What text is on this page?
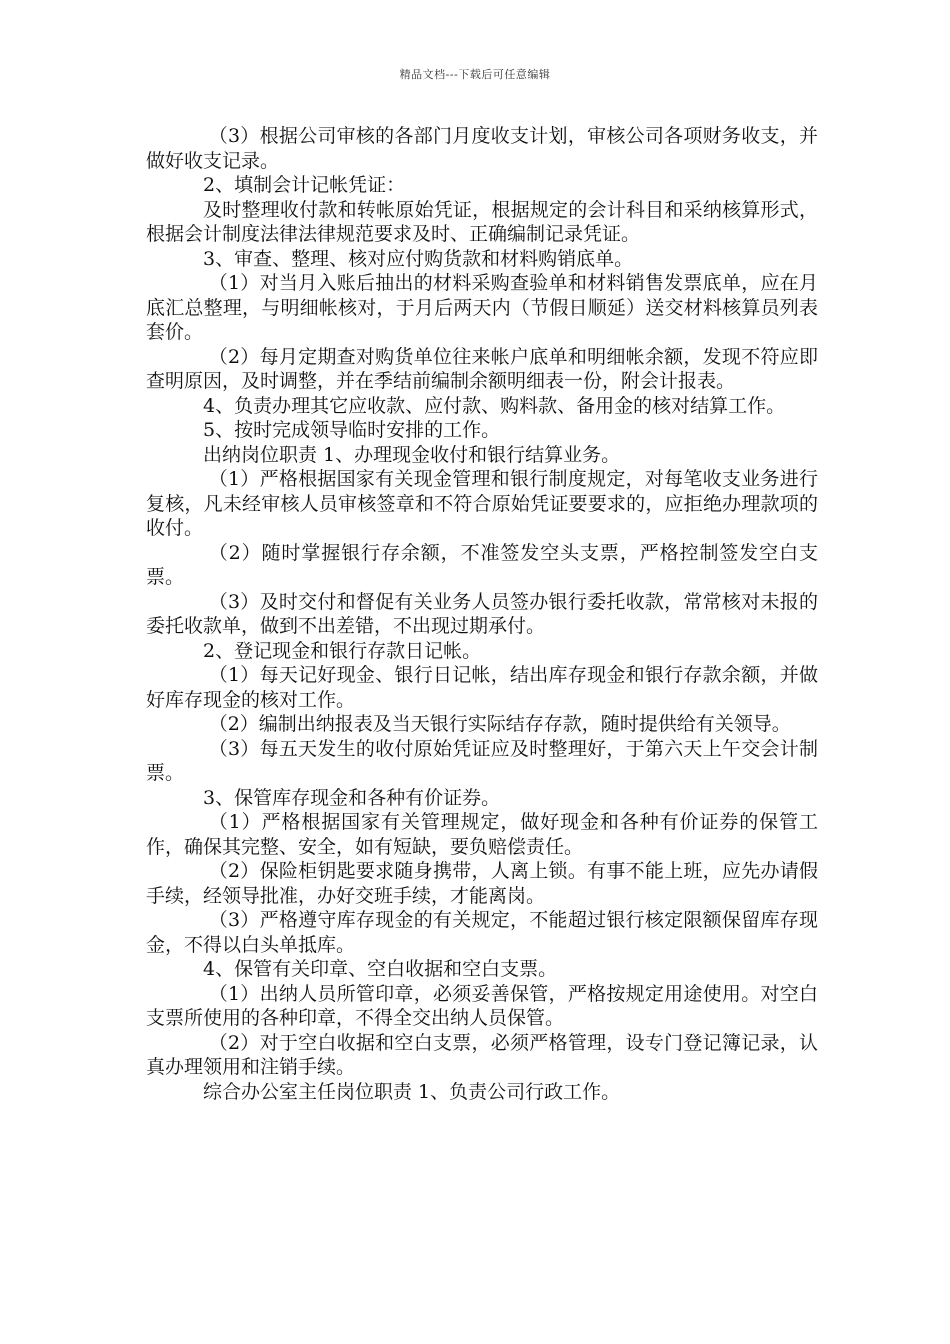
精品文档---下载后可任意编辑

（3）根据公司审核的各部门月度收支计划，审核公司各项财务收支，并做好收支记录。

2、填制会计记帐凭证：

及时整理收付款和转帐原始凭证，根据规定的会计科目和采纳核算形式，根据会计制度法律法律规范要求及时、正确编制记录凭证。

3、审查、整理、核对应付购货款和材料购销底单。

（1）对当月入账后抽出的材料采购查验单和材料销售发票底单，应在月底汇总整理，与明细帐核对，于月后两天内（节假日顺延）送交材料核算员列表套价。

（2）每月定期查对购货单位往来帐户底单和明细帐余额，发现不符应即查明原因，及时调整，并在季结前编制余额明细表一份，附会计报表。

4、负责办理其它应收款、应付款、购料款、备用金的核对结算工作。

5、按时完成领导临时安排的工作。

出纳岗位职责 1、办理现金收付和银行结算业务。

（1）严格根据国家有关现金管理和银行制度规定，对每笔收支业务进行复核，凡未经审核人员审核签章和不符合原始凭证要要求的，应拒绝办理款项的收付。

（2）随时掌握银行存余额，不准签发空头支票，严格控制签发空白支票。

（3）及时交付和督促有关业务人员签办银行委托收款，常常核对未报的委托收款单，做到不出差错，不出现过期承付。

2、登记现金和银行存款日记帐。

（1）每天记好现金、银行日记帐，结出库存现金和银行存款余额，并做好库存现金的核对工作。

（2）编制出纳报表及当天银行实际结存存款，随时提供给有关领导。

（3）每五天发生的收付原始凭证应及时整理好，于第六天上午交会计制票。

3、保管库存现金和各种有价证券。

（1）严格根据国家有关管理规定，做好现金和各种有价证券的保管工作，确保其完整、安全，如有短缺，要负赔偿责任。

（2）保险柜钥匙要求随身携带，人离上锁。有事不能上班，应先办请假手续，经领导批准，办好交班手续，才能离岗。

（3）严格遵守库存现金的有关规定，不能超过银行核定限额保留库存现金，不得以白头单抵库。

4、保管有关印章、空白收据和空白支票。

（1）出纳人员所管印章，必须妥善保管，严格按规定用途使用。对空白支票所使用的各种印章，不得全交出纳人员保管。

（2）对于空白收据和空白支票，必须严格管理，设专门登记簿记录，认真办理领用和注销手续。

综合办公室主任岗位职责 1、负责公司行政工作。
